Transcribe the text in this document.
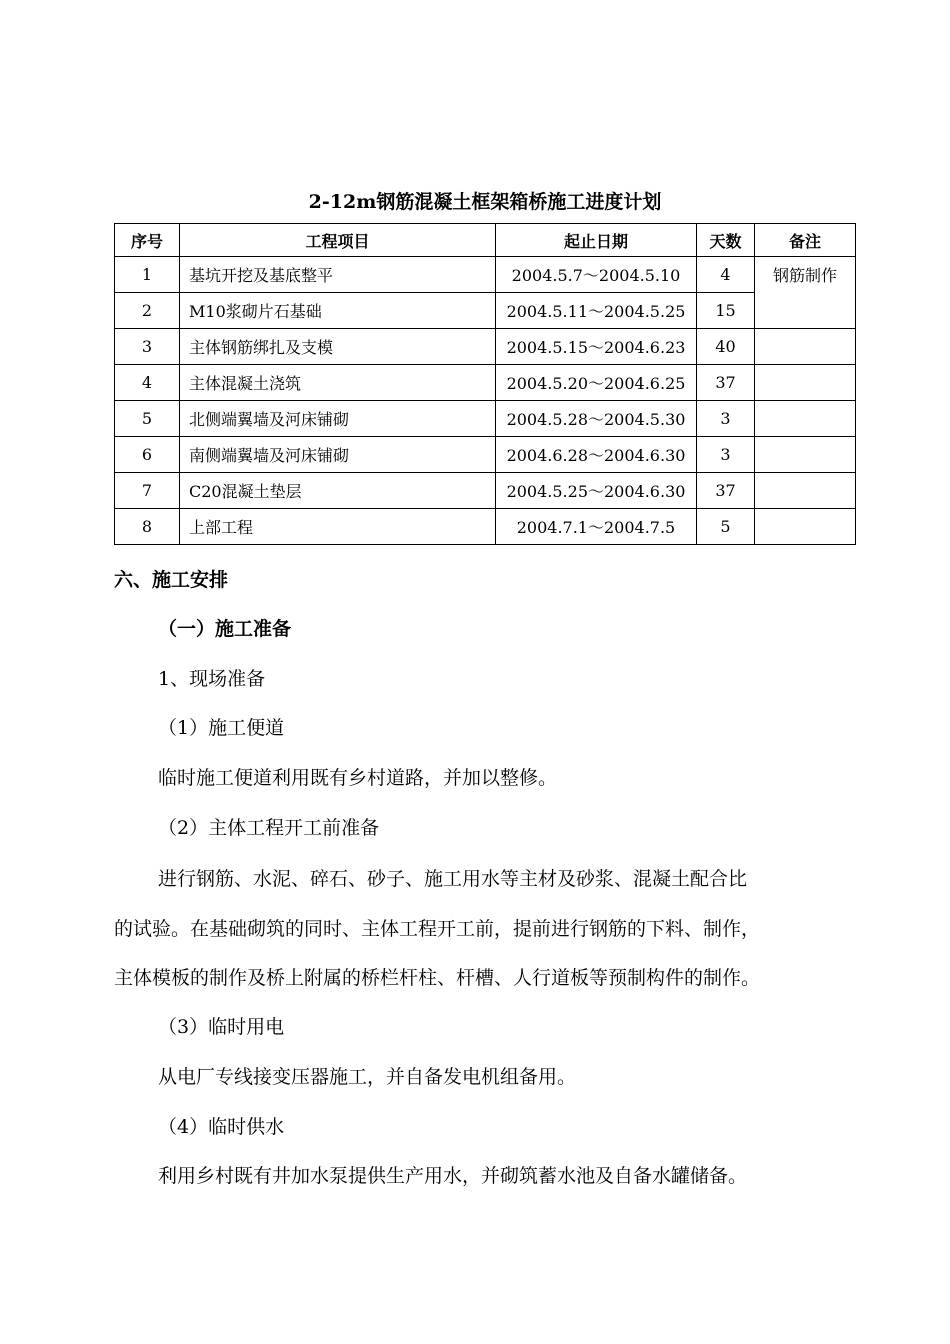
2-12m钢筋混凝土框架箱桥施工进度计划
序号	工程项目	起止日期	天数	备注
1	基坑开挖及基底整平	2004.5.7～2004.5.10	4	钢筋制作
2	M10浆砌片石基础	2004.5.11～2004.5.25	15	
3	主体钢筋绑扎及支模	2004.5.15～2004.6.23	40	
4	主体混凝土浇筑	2004.5.20～2004.6.25	37	
5	北侧端翼墙及河床铺砌	2004.5.28～2004.5.30	3	
6	南侧端翼墙及河床铺砌	2004.6.28～2004.6.30	3	
7	C20混凝土垫层	2004.5.25～2004.6.30	37	
8	上部工程	2004.7.1～2004.7.5	5	
六、施工安排
（一）施工准备
1、现场准备
（1）施工便道
临时施工便道利用既有乡村道路，并加以整修。
（2）主体工程开工前准备
进行钢筋、水泥、碎石、砂子、施工用水等主材及砂浆、混凝土配合比
的试验。在基础砌筑的同时、主体工程开工前，提前进行钢筋的下料、制作，
主体模板的制作及桥上附属的桥栏杆柱、杆槽、人行道板等预制构件的制作。
（3）临时用电
从电厂专线接变压器施工，并自备发电机组备用。
（4）临时供水
利用乡村既有井加水泵提供生产用水，并砌筑蓄水池及自备水罐储备。
